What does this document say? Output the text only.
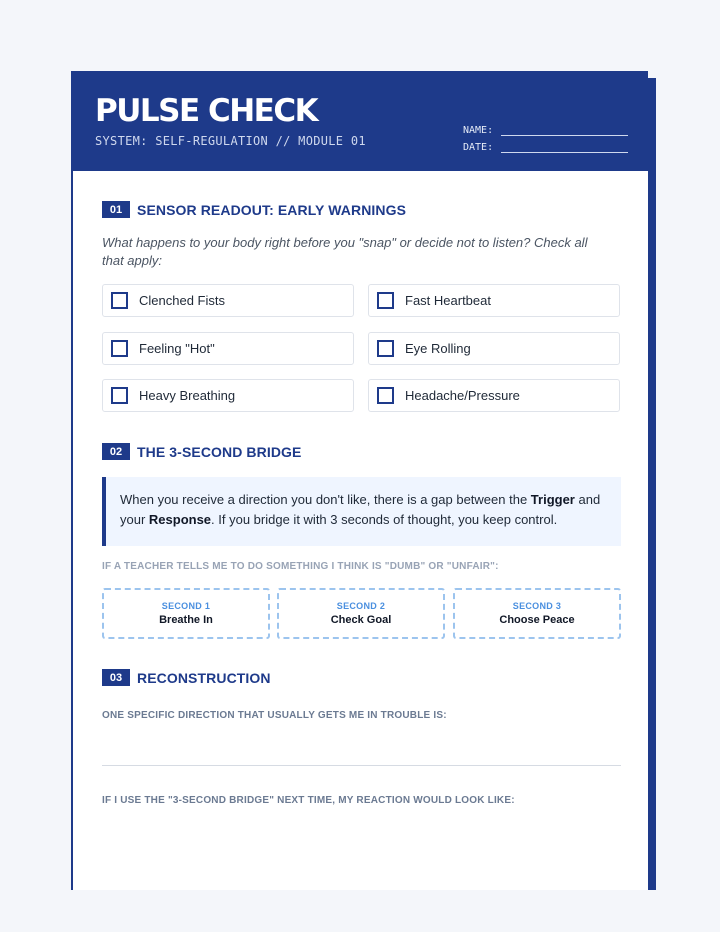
PULSE CHECK
SYSTEM: SELF-REGULATION // MODULE 01
NAME:
DATE:
01	SENSOR READOUT: EARLY WARNINGS
What happens to your body right before you "snap" or decide not to listen? Check all that apply:
Clenched Fists	Fast Heartbeat
Feeling "Hot"	Eye Rolling
Heavy Breathing	Headache/Pressure
02	THE 3-SECOND BRIDGE
When you receive a direction you don't like, there is a gap between the Trigger and your Response. If you bridge it with 3 seconds of thought, you keep control.
IF A TEACHER TELLS ME TO DO SOMETHING I THINK IS "DUMB" OR "UNFAIR":
SECOND 1
Breathe In
SECOND 2
Check Goal
SECOND 3
Choose Peace
03	RECONSTRUCTION
ONE SPECIFIC DIRECTION THAT USUALLY GETS ME IN TROUBLE IS:
IF I USE THE "3-SECOND BRIDGE" NEXT TIME, MY REACTION WOULD LOOK LIKE:
